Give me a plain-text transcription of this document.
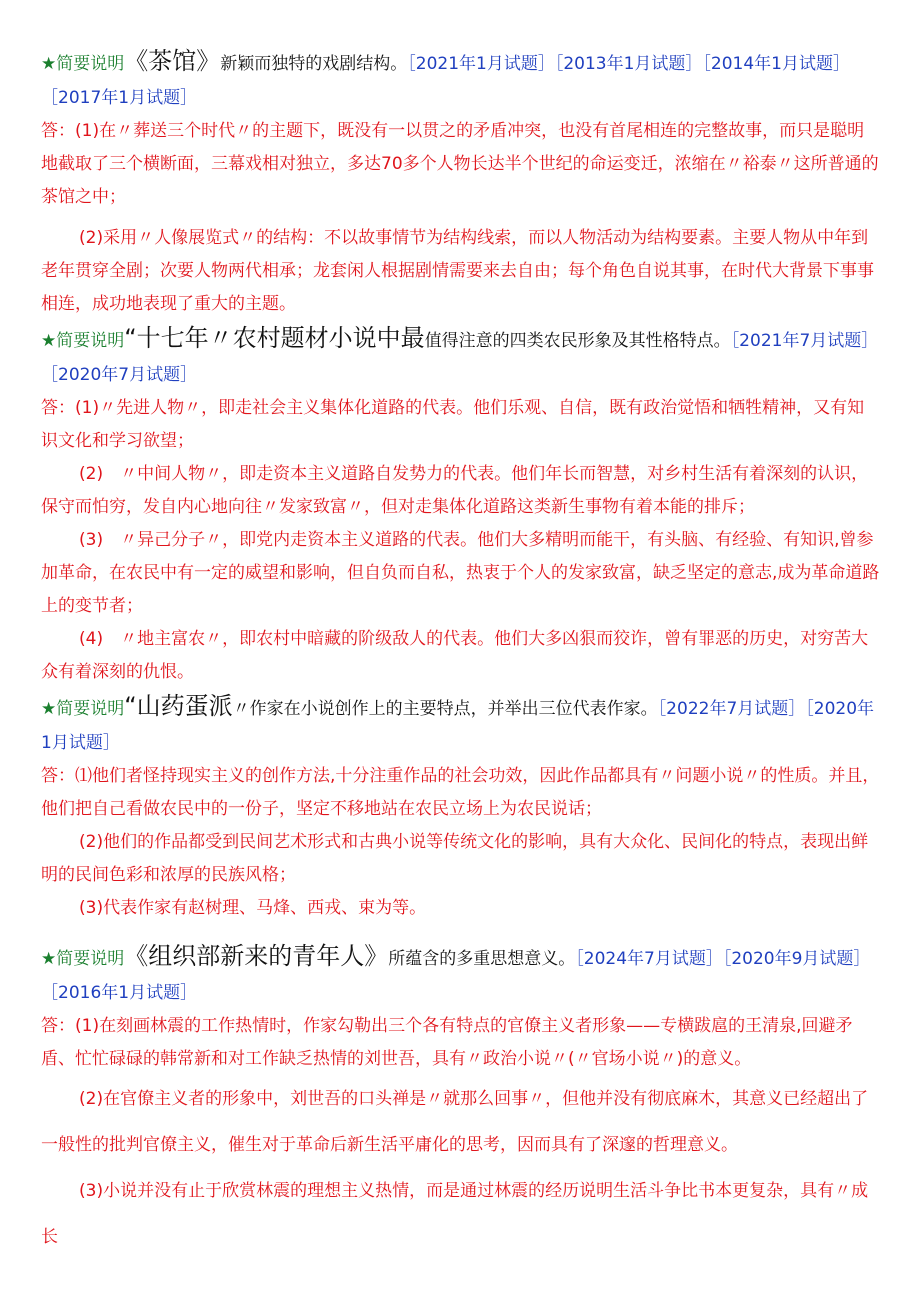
★简要说明《茶馆》新颖而独特的戏剧结构。［2021年1月试题］［2013年1月试题］［2014年1月试题］［2017年1月试题］

答：(1)在〃葬送三个时代〃的主题下，既没有一以贯之的矛盾冲突，也没有首尾相连的完整故事，而只是聪明地截取了三个横断面，三幕戏相对独立，多达70多个人物长达半个世纪的命运变迁，浓缩在〃裕泰〃这所普通的茶馆之中；

(2)采用〃人像展览式〃的结构：不以故事情节为结构线索，而以人物活动为结构要素。主要人物从中年到老年贯穿全剧；次要人物两代相承；龙套闲人根据剧情需要来去自由；每个角色自说其事，在时代大背景下事事相连，成功地表现了重大的主题。

★简要说明“十七年〃农村题材小说中最值得注意的四类农民形象及其性格特点。［2021年7月试题］［2020年7月试题］

答：(1)〃先进人物〃，即走社会主义集体化道路的代表。他们乐观、自信，既有政治觉悟和牺牲精神，又有知识文化和学习欲望；

(2)　〃中间人物〃，即走资本主义道路自发势力的代表。他们年长而智慧，对乡村生活有着深刻的认识，保守而怕穷，发自内心地向往〃发家致富〃，但对走集体化道路这类新生事物有着本能的排斥；

(3)　〃异己分子〃，即党内走资本主义道路的代表。他们大多精明而能干，有头脑、有经验、有知识,曾参加革命，在农民中有一定的威望和影响，但自负而自私，热衷于个人的发家致富，缺乏坚定的意志,成为革命道路上的变节者；

(4)　〃地主富农〃，即农村中暗藏的阶级敌人的代表。他们大多凶狠而狡诈，曾有罪恶的历史，对穷苦大众有着深刻的仇恨。

★简要说明“山药蛋派〃作家在小说创作上的主要特点，并举出三位代表作家。［2022年7月试题］［2020年1月试题］

答：⑴他们者怪持现实主义的创作方法,十分注重作品的社会功效，因此作品都具有〃问题小说〃的性质。并且，他们把自己看做农民中的一份子，坚定不移地站在农民立场上为农民说话；

(2)他们的作品都受到民间艺术形式和古典小说等传统文化的影响，具有大众化、民间化的特点，表现出鲜明的民间色彩和浓厚的民族风格；

(3)代表作家有赵树理、马烽、西戎、束为等。

★简要说明《组织部新来的青年人》所蕴含的多重思想意义。［2024年7月试题］［2020年9月试题］［2016年1月试题］

答：(1)在刻画林震的工作热情时，作家勾勒出三个各有特点的官僚主义者形象——专横跋扈的王清泉,回避矛盾、忙忙碌碌的韩常新和对工作缺乏热情的刘世吾，具有〃政治小说〃(〃官场小说〃)的意义。

(2)在官僚主义者的形象中，刘世吾的口头禅是〃就那么回事〃，但他并没有彻底麻木，其意义已经超出了一般性的批判官僚主义，催生对于革命后新生活平庸化的思考，因而具有了深邃的哲理意义。

(3)小说并没有止于欣赏林震的理想主义热情，而是通过林震的经历说明生活斗争比书本更复杂，具有〃成长
